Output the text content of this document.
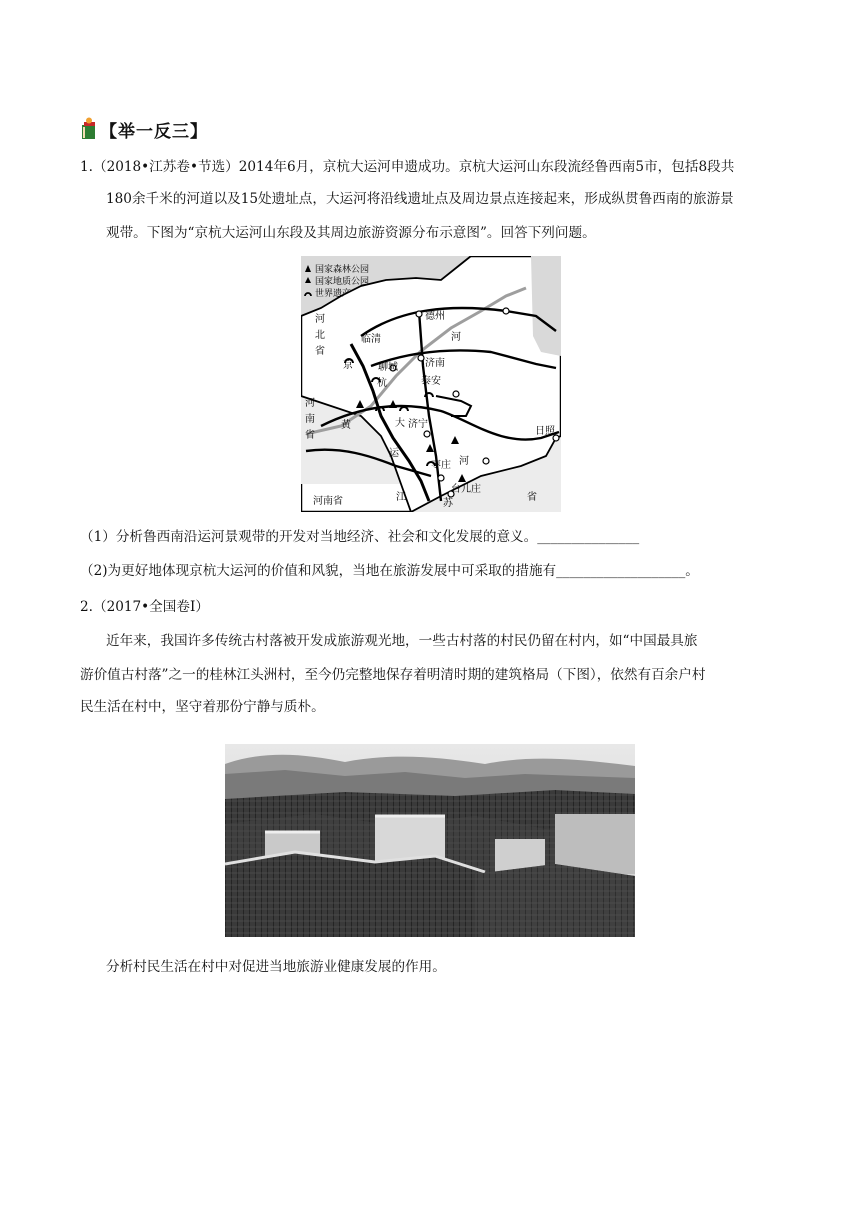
【举一反三】
1.（2018•江苏卷•节选）2014年6月，京杭大运河申遗成功。京杭大运河山东段流经鲁西南5市，包括8段共
180余千米的河道以及15处遗址点，大运河将沿线遗址点及周边景点连接起来，形成纵贯鲁西南的旅游景
观带。下图为“京杭大运河山东段及其周边旅游资源分布示意图”。回答下列问题。
国家森林公园
国家地质公园
世界遗产
德州
临清
济南
聊城
泰安
济宁
枣庄
台儿庄
日照
河
北
省
河
南
省
河南省
河
江
苏
省
京
杭
大
运
黄
河
（1）分析鲁西南沿运河景观带的开发对当地经济、社会和文化发展的意义。_______________
（2)为更好地体现京杭大运河的价值和风貌，当地在旅游发展中可采取的措施有___________________。
2.（2017•全国卷Ⅰ）
近年来，我国许多传统古村落被开发成旅游观光地，一些古村落的村民仍留在村内，如“中国最具旅
游价值古村落”之一的桂林江头洲村，至今仍完整地保存着明清时期的建筑格局（下图），依然有百余户村
民生活在村中，坚守着那份宁静与质朴。
分析村民生活在村中对促进当地旅游业健康发展的作用。
